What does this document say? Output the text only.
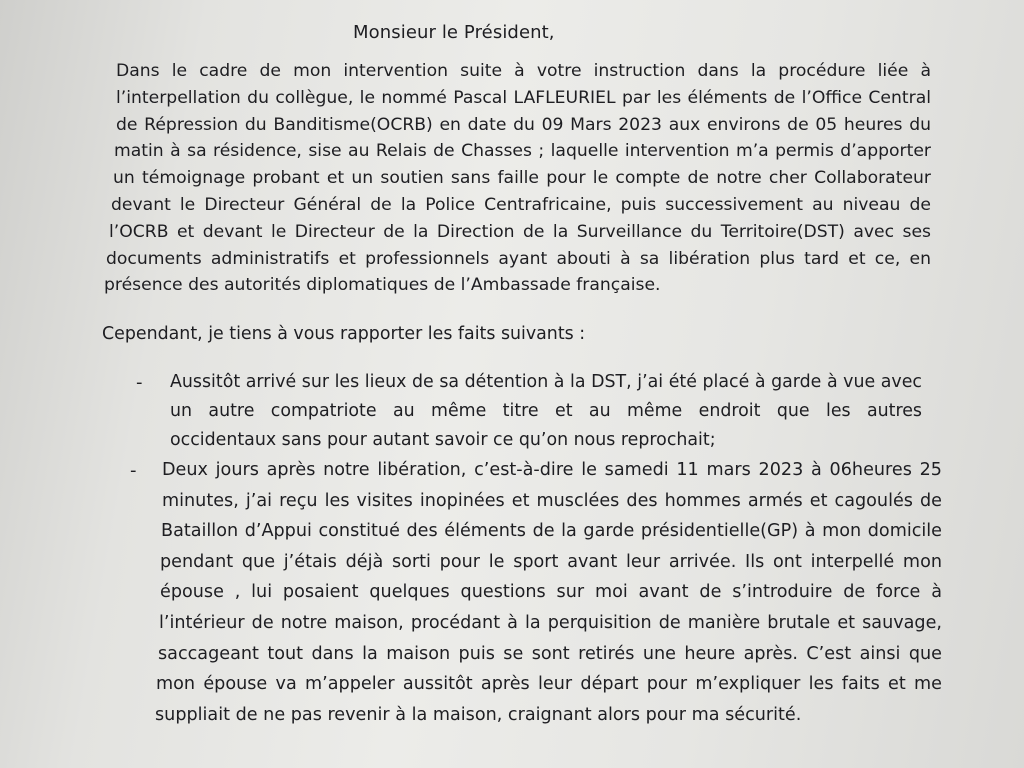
Monsieur le Président,
Dans le cadre de mon intervention suite à votre instruction dans la procédure liée à
l’interpellation du collègue, le nommé Pascal LAFLEURIEL par les éléments de l’Office Central
de Répression du Banditisme(OCRB) en date du 09 Mars 2023 aux environs de 05 heures du
matin à sa résidence, sise au Relais de Chasses ; laquelle intervention m’a permis d’apporter
un témoignage probant et un soutien sans faille pour le compte de notre cher Collaborateur
devant le Directeur Général de la Police Centrafricaine, puis successivement au niveau de
l’OCRB et devant le Directeur de la Direction de la Surveillance du Territoire(DST) avec ses
documents administratifs et professionnels ayant abouti à sa libération plus tard et ce, en
présence des autorités diplomatiques de l’Ambassade française.
Cependant, je tiens à vous rapporter les faits suivants :
- Aussitôt arrivé sur les lieux de sa détention à la DST, j’ai été placé à garde à vue avec
un autre compatriote au même titre et au même endroit que les autres
occidentaux sans pour autant savoir ce qu’on nous reprochait;
- Deux jours après notre libération, c’est-à-dire le samedi 11 mars 2023 à 06heures 25
minutes, j’ai reçu les visites inopinées et musclées des hommes armés et cagoulés de
Bataillon d’Appui constitué des éléments de la garde présidentielle(GP) à mon domicile
pendant que j’étais déjà sorti pour le sport avant leur arrivée. Ils ont interpellé mon
épouse , lui posaient quelques questions sur moi avant de s’introduire de force à
l’intérieur de notre maison, procédant à la perquisition de manière brutale et sauvage,
saccageant tout dans la maison puis se sont retirés une heure après. C’est ainsi que
mon épouse va m’appeler aussitôt après leur départ pour m’expliquer les faits et me
suppliait de ne pas revenir à la maison, craignant alors pour ma sécurité.
